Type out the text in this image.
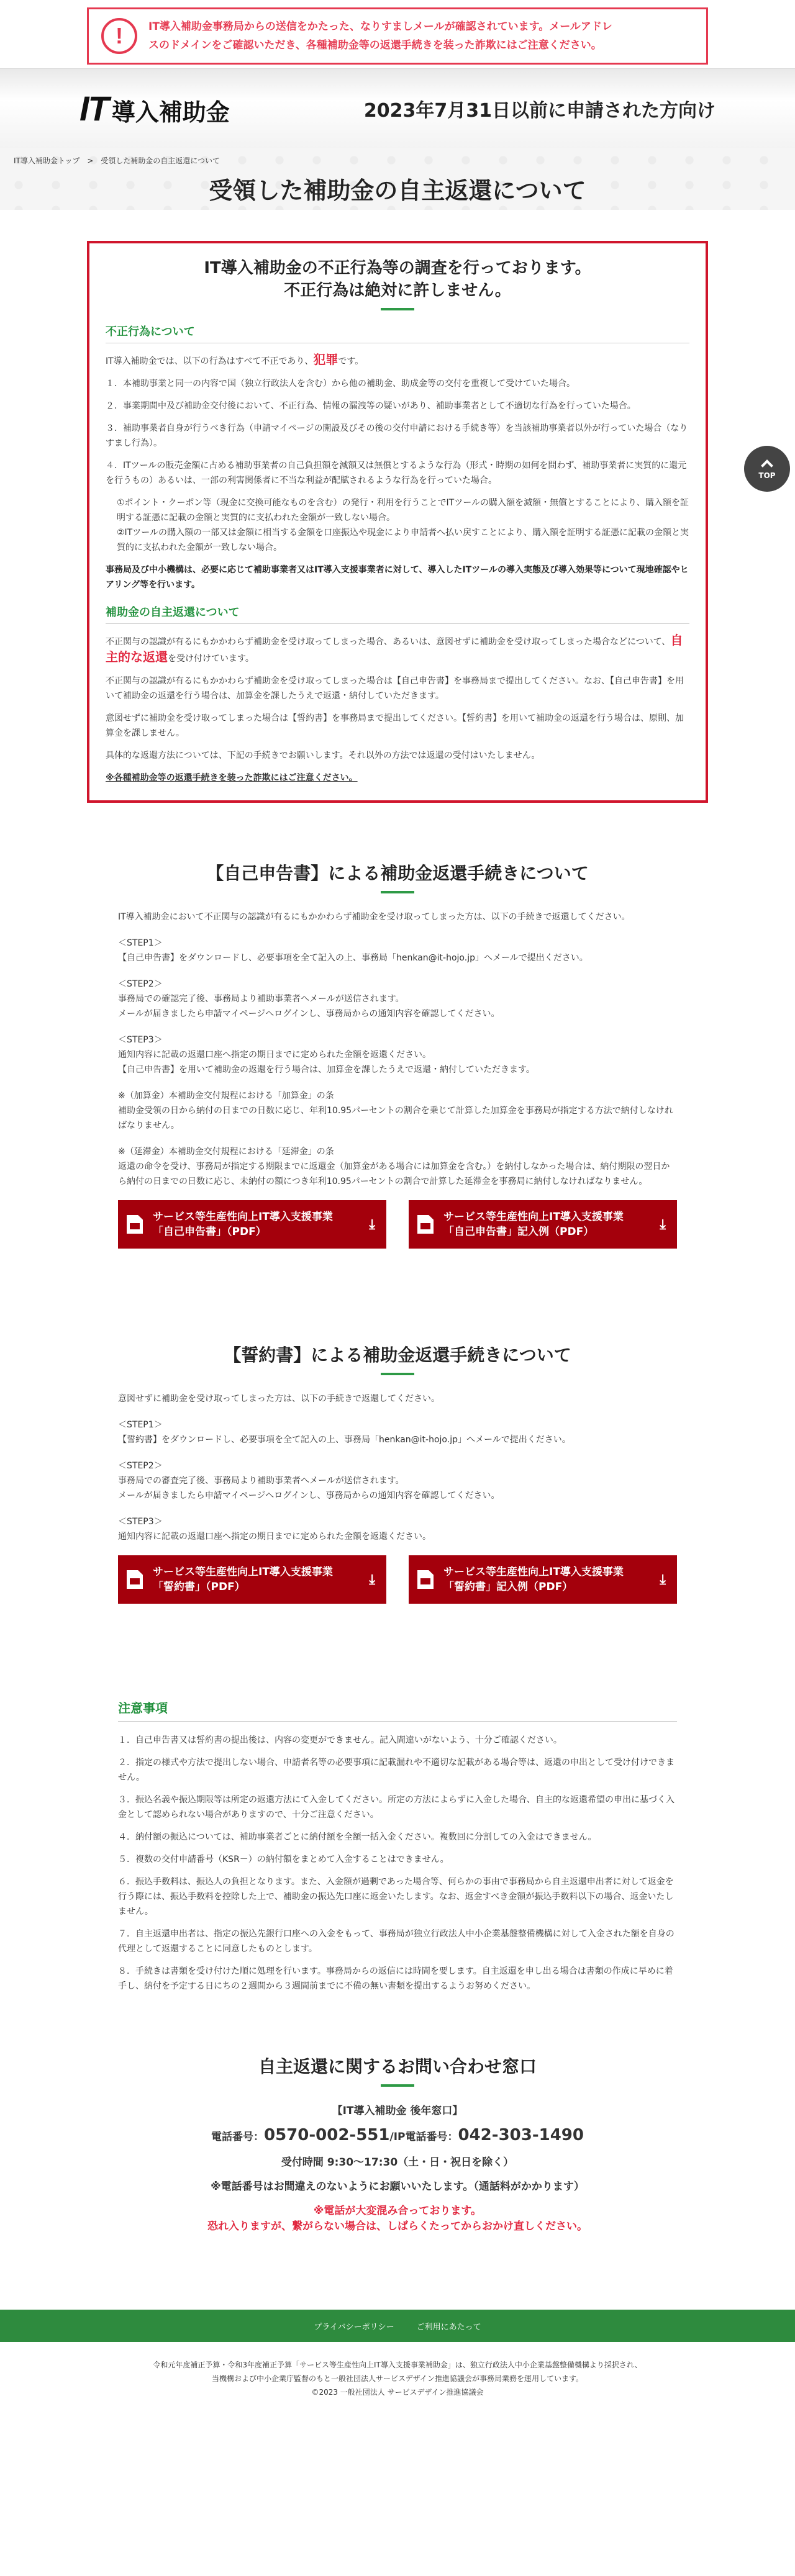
!	IT導入補助金事務局からの送信をかたった、なりすましメールが確認されています。メールアドレ
スのドメインをご確認いただき、各種補助金等の返還手続きを装った詐欺にはご注意ください。
IT 導入補助金	2023年7月31日以前に申請された方向け
IT導入補助金トップ > 受領した補助金の自主返還について
受領した補助金の自主返還について
TOP
IT導入補助金の不正行為等の調査を行っております。
不正行為は絶対に許しません。
不正行為について

IT導入補助金では、以下の行為はすべて不正であり、犯罪です。

１．本補助事業と同一の内容で国（独立行政法人を含む）から他の補助金、助成金等の交付を重複して受けていた場合。

２．事業期間中及び補助金交付後において、不正行為、情報の漏洩等の疑いがあり、補助事業者として不適切な行為を行っていた場合。

３．補助事業者自身が行うべき行為（申請マイページの開設及びその後の交付申請における手続き等）を当該補助事業者以外が行っていた場合（なりすまし行為）。

４．ITツールの販売金額に占める補助事業者の自己負担額を減額又は無償とするような行為（形式・時期の如何を問わず、補助事業者に実質的に還元を行うもの）あるいは、一部の利害関係者に不当な利益が配賦されるような行為を行っていた場合。

①ポイント・クーポン等（現金に交換可能なものを含む）の発行・利用を行うことでITツールの購入額を減額・無償とすることにより、購入額を証明する証憑に記載の金額と実質的に支払われた金額が一致しない場合。

②ITツールの購入額の一部又は金額に相当する金額を口座振込や現金により申請者へ払い戻すことにより、購入額を証明する証憑に記載の金額と実質的に支払われた金額が一致しない場合。

事務局及び中小機構は、必要に応じて補助事業者又はIT導入支援事業者に対して、導入したITツールの導入実態及び導入効果等について現地確認やヒアリング等を行います。

補助金の自主返還について

不正関与の認識が有るにもかかわらず補助金を受け取ってしまった場合、あるいは、意図せずに補助金を受け取ってしまった場合などについて、自主的な返還を受け付けています。

不正関与の認識が有るにもかかわらず補助金を受け取ってしまった場合は【自己申告書】を事務局まで提出してください。なお、【自己申告書】を用いて補助金の返還を行う場合は、加算金を課したうえで返還・納付していただきます。

意図せずに補助金を受け取ってしまった場合は【誓約書】を事務局まで提出してください。【誓約書】を用いて補助金の返還を行う場合は、原則、加算金を課しません。

具体的な返還方法については、下記の手続きでお願いします。それ以外の方法では返還の受付はいたしません。

※各種補助金等の返還手続きを装った詐欺にはご注意ください。

【自己申告書】による補助金返還手続きについて

IT導入補助金において不正関与の認識が有るにもかかわらず補助金を受け取ってしまった方は、以下の手続きで返還してください。

＜STEP1＞
【自己申告書】をダウンロードし、必要事項を全て記入の上、事務局「henkan@it-hojo.jp」へメールで提出ください。

＜STEP2＞
事務局での確認完了後、事務局より補助事業者へメールが送信されます。
メールが届きましたら申請マイページへログインし、事務局からの通知内容を確認してください。

＜STEP3＞
通知内容に記載の返還口座へ指定の期日までに定められた金額を返還ください。
【自己申告書】を用いて補助金の返還を行う場合は、加算金を課したうえで返還・納付していただきます。

※（加算金）本補助金交付規程における「加算金」の条
補助金受領の日から納付の日までの日数に応じ、年利10.95パーセントの割合を乗じて計算した加算金を事務局が指定する方法で納付しなければなりません。

※（延滞金）本補助金交付規程における「延滞金」の条
返還の命令を受け、事務局が指定する期限までに返還金（加算金がある場合には加算金を含む。）を納付しなかった場合は、納付期限の翌日から納付の日までの日数に応じ、未納付の額につき年利10.95パーセントの割合で計算した延滞金を事務局に納付しなければなりません。

サービス等生産性向上IT導入支援事業
「自己申告書」（PDF）	⤓	サービス等生産性向上IT導入支援事業
「自己申告書」記入例（PDF）	⤓
【誓約書】による補助金返還手続きについて

意図せずに補助金を受け取ってしまった方は、以下の手続きで返還してください。

＜STEP1＞
【誓約書】をダウンロードし、必要事項を全て記入の上、事務局「henkan@it-hojo.jp」へメールで提出ください。

＜STEP2＞
事務局での審査完了後、事務局より補助事業者へメールが送信されます。
メールが届きましたら申請マイページへログインし、事務局からの通知内容を確認してください。

＜STEP3＞
通知内容に記載の返還口座へ指定の期日までに定められた金額を返還ください。

サービス等生産性向上IT導入支援事業
「誓約書」（PDF）	⤓	サービス等生産性向上IT導入支援事業
「誓約書」記入例（PDF）	⤓
注意事項

１．自己申告書又は誓約書の提出後は、内容の変更ができません。記入間違いがないよう、十分ご確認ください。

２．指定の様式や方法で提出しない場合、申請者名等の必要事項に記載漏れや不適切な記載がある場合等は、返還の申出として受け付けできません。

３．振込名義や振込期限等は所定の返還方法にて入金してください。所定の方法によらずに入金した場合、自主的な返還希望の申出に基づく入金として認められない場合がありますので、十分ご注意ください。

４．納付額の振込については、補助事業者ごとに納付額を全額一括入金ください。複数回に分割しての入金はできません。

５．複数の交付申請番号（KSR－）の納付額をまとめて入金することはできません。

６．振込手数料は、振込人の負担となります。また、入金額が過剰であった場合等、何らかの事由で事務局から自主返還申出者に対して返金を行う際には、振込手数料を控除した上で、補助金の振込先口座に返金いたします。なお、返金すべき金額が振込手数料以下の場合、返金いたしません。

７．自主返還申出者は、指定の振込先銀行口座への入金をもって、事務局が独立行政法人中小企業基盤整備機構に対して入金された額を自身の代理として返還することに同意したものとします。

８．手続きは書類を受け付けた順に処理を行います。事務局からの返信には時間を要します。自主返還を申し出る場合は書類の作成に早めに着手し、納付を予定する日にちの２週間から３週間前までに不備の無い書類を提出するようお努めください。

自主返還に関するお問い合わせ窓口

【IT導入補助金 後年窓口】

電話番号：0570-002-551/IP電話番号：042-303-1490

受付時間 9:30〜17:30（土・日・祝日を除く）

※電話番号はお間違えのないようにお願いいたします。（通話料がかかります）

※電話が大変混み合っております。

恐れ入りますが、繋がらない場合は、しばらくたってからおかけ直しください。

プライバシーポリシー	ご利用にあたって
令和元年度補正予算・令和3年度補正予算「サービス等生産性向上IT導入支援事業補助金」は、独立行政法人中小企業基盤整備機構より採択され、
当機構および中小企業庁監督のもと一般社団法人サービスデザイン推進協議会が事務局業務を運用しています。
©2023 一般社団法人 サービスデザイン推進協議会
